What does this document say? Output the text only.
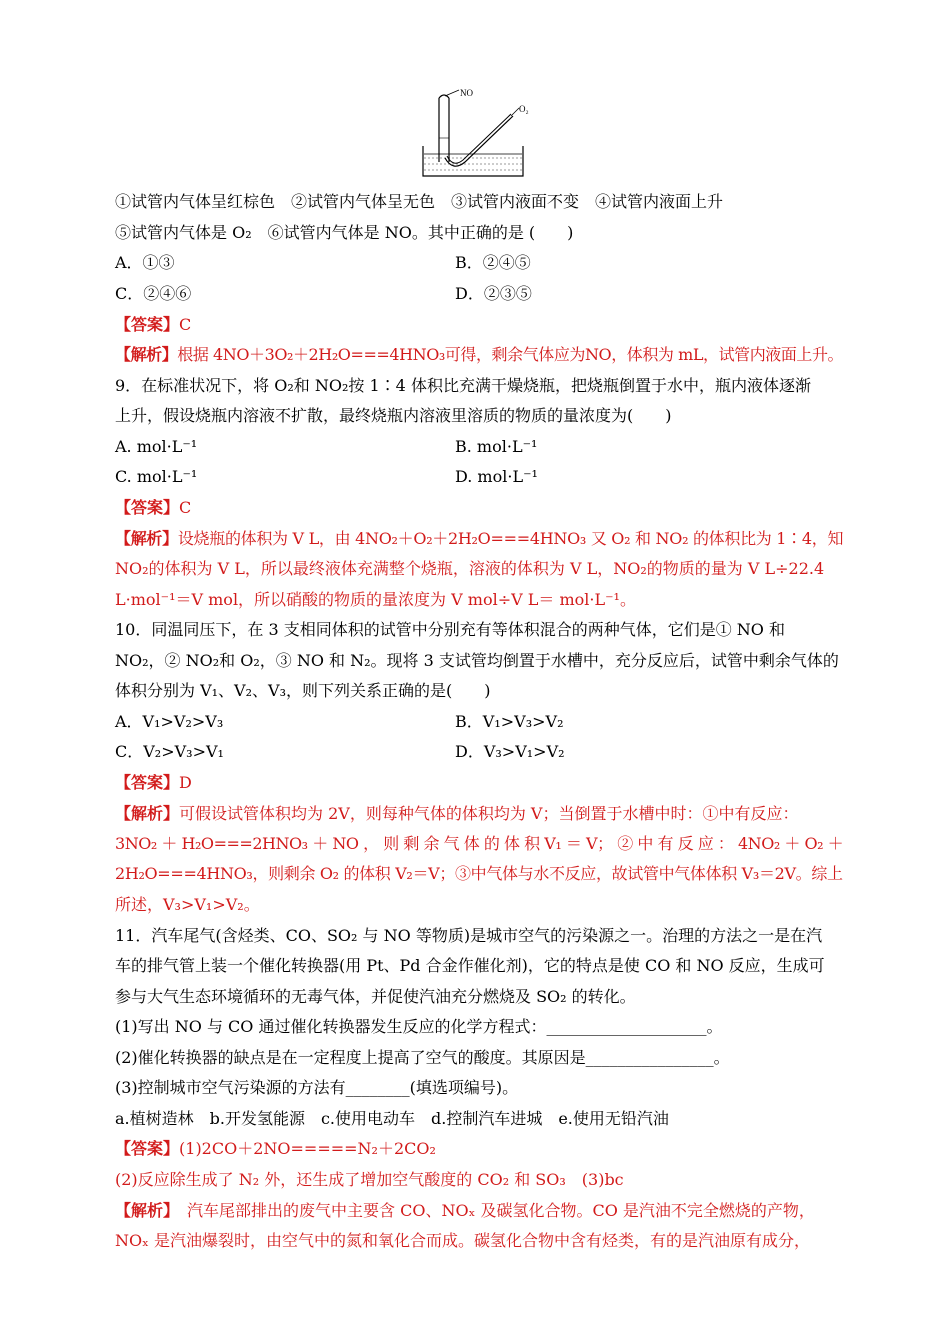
NO
O₂
①试管内气体呈红棕色　②试管内气体呈无色　③试管内液面不变　④试管内液面上升
⑤试管内气体是 O₂　⑥试管内气体是 NO。其中正确的是 (　　)
A．①③	B．②④⑤
C．②④⑥	D．②③⑤
【答案】C
【解析】根据 4NO＋3O₂＋2H₂O===4HNO₃可得，剩余气体应为NO，体积为 mL，试管内液面上升。
9．在标准状况下，将 O₂和 NO₂按 1∶4 体积比充满干燥烧瓶，把烧瓶倒置于水中，瓶内液体逐渐
上升，假设烧瓶内溶液不扩散，最终烧瓶内溶液里溶质的物质的量浓度为(　　)
A. mol·L⁻¹	B. mol·L⁻¹
C. mol·L⁻¹	D. mol·L⁻¹
【答案】C
【解析】设烧瓶的体积为 V L，由 4NO₂＋O₂＋2H₂O===4HNO₃ 又 O₂ 和 NO₂ 的体积比为 1∶4，知
NO₂的体积为 V L，所以最终液体充满整个烧瓶，溶液的体积为 V L，NO₂的物质的量为 V L÷22.4
L·mol⁻¹＝V mol，所以硝酸的物质的量浓度为 V mol÷V L＝ mol·L⁻¹。
10．同温同压下，在 3 支相同体积的试管中分别充有等体积混合的两种气体，它们是① NO 和
NO₂，② NO₂和 O₂，③ NO 和 N₂。现将 3 支试管均倒置于水槽中，充分反应后，试管中剩余气体的
体积分别为 V₁、V₂、V₃，则下列关系正确的是(　　)
A．V₁>V₂>V₃	B．V₁>V₃>V₂
C．V₂>V₃>V₁	D．V₃>V₁>V₂
【答案】D
【解析】可假设试管体积均为 2V，则每种气体的体积均为 V；当倒置于水槽中时：①中有反应：
3NO₂ ＋ H₂O===2HNO₃ ＋ NO ， 则 剩 余 气 体 的 体 积 V₁ ＝ V； ② 中 有 反 应 ： 4NO₂ ＋ O₂ ＋
2H₂O===4HNO₃，则剩余 O₂ 的体积 V₂＝V；③中气体与水不反应，故试管中气体体积 V₃＝2V。综上
所述，V₃>V₁>V₂。
11．汽车尾气(含烃类、CO、SO₂ 与 NO 等物质)是城市空气的污染源之一。治理的方法之一是在汽
车的排气管上装一个催化转换器(用 Pt、Pd 合金作催化剂)，它的特点是使 CO 和 NO 反应，生成可
参与大气生态环境循环的无毒气体，并促使汽油充分燃烧及 SO₂ 的转化。
(1)写出 NO 与 CO 通过催化转换器发生反应的化学方程式：____________________。
(2)催化转换器的缺点是在一定程度上提高了空气的酸度。其原因是________________。
(3)控制城市空气污染源的方法有________(填选项编号)。
a.植树造林　b.开发氢能源　c.使用电动车　d.控制汽车进城　e.使用无铅汽油
【答案】(1)2CO＋2NO=====N₂＋2CO₂
(2)反应除生成了 N₂ 外，还生成了增加空气酸度的 CO₂ 和 SO₃　(3)bc
【解析】　汽车尾部排出的废气中主要含 CO、NOₓ 及碳氢化合物。CO 是汽油不完全燃烧的产物，
NOₓ 是汽油爆裂时，由空气中的氮和氧化合而成。碳氢化合物中含有烃类，有的是汽油原有成分，
